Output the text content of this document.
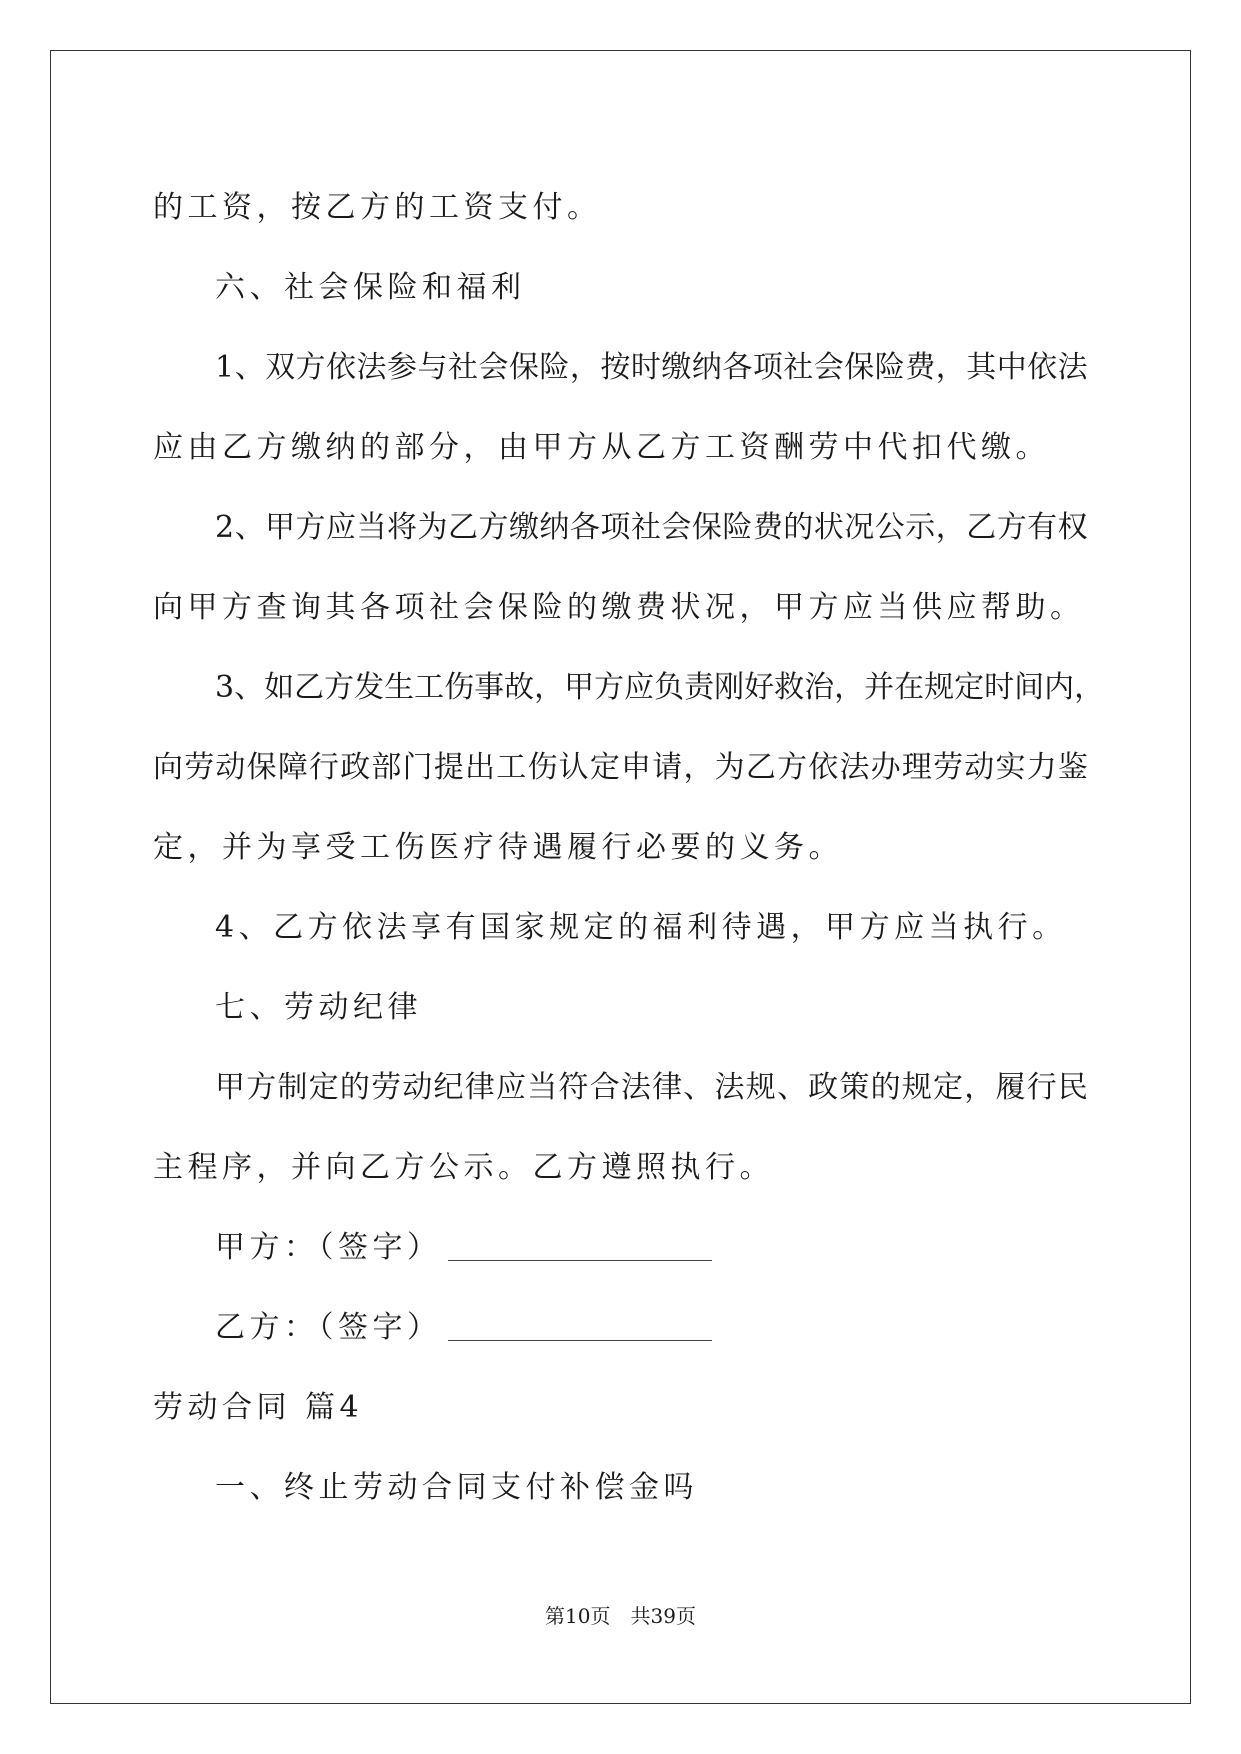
的工资，按乙方的工资支付。

六、社会保险和福利

1 、 双 方 依 法 参 与 社 会 保 险 ， 按 时 缴 纳 各 项 社 会 保 险 费 ， 其 中 依 法

应由乙方缴纳的部分，由甲方从乙方工资酬劳中代扣代缴。

2 、 甲 方 应 当 将 为 乙 方 缴 纳 各 项 社 会 保 险 费 的 状 况 公 示 ， 乙 方 有 权

向甲方查询其各项社会保险的缴费状况，甲方应当供应帮助。

3 、 如 乙 方 发 生 工 伤 事 故 ， 甲 方 应 负 责 刚 好 救 治 ， 并 在 规 定 时 间 内 ，

向 劳 动 保 障 行 政 部 门 提 出 工 伤 认 定 申 请 ， 为 乙 方 依 法 办 理 劳 动 实 力 鉴

定，并为享受工伤医疗待遇履行必要的义务。

4、乙方依法享有国家规定的福利待遇，甲方应当执行。

七、劳动纪律

甲 方 制 定 的 劳 动 纪 律 应 当 符 合 法 律 、 法 规 、 政 策 的 规 定 ， 履 行 民

主程序，并向乙方公示。乙方遵照执行。

甲方：（签字）

乙方：（签字）

劳动合同 篇4

一、终止劳动合同支付补偿金吗

第10页　共39页
